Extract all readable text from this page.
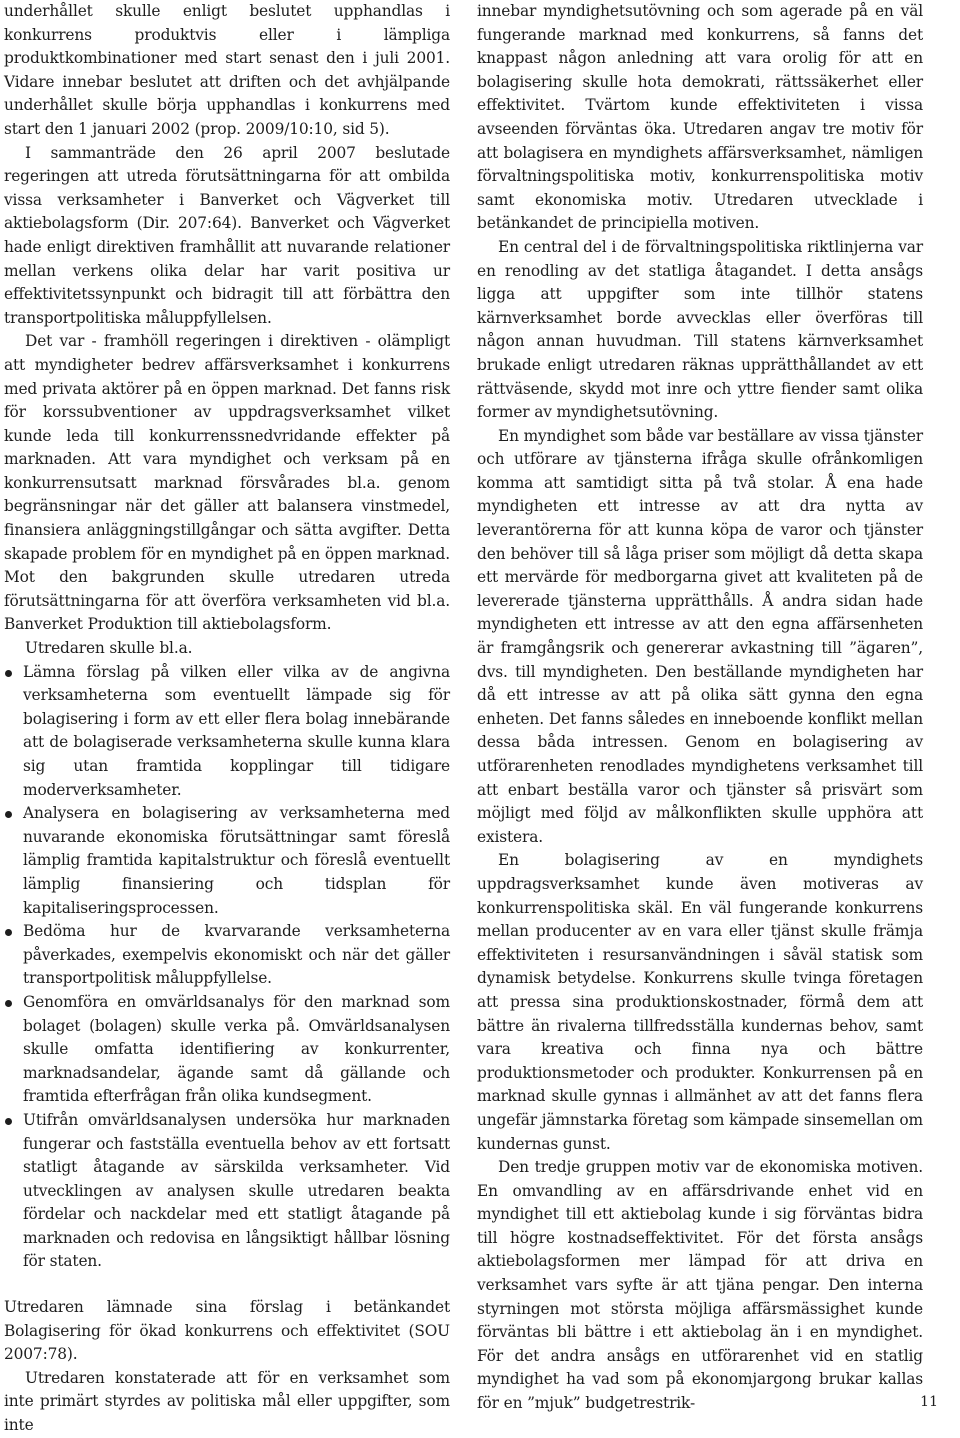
underhållet skulle enligt beslutet upphandlas i konkurrens produktvis eller i lämpliga produktkombinationer med start senast den i juli 2001. Vidare innebar beslutet att driften och det avhjälpande underhållet skulle börja upphandlas i konkurrens med start den 1 januari 2002 (prop. 2009/10:10, sid 5).

I sammanträde den 26 april 2007 beslutade regeringen att utreda förutsättningarna för att ombilda vissa verksamheter i Banverket och Vägverket till aktiebolagsform (Dir. 207:64). Banverket och Vägverket hade enligt direktiven framhållit att nuvarande relationer mellan verkens olika delar har varit positiva ur effektivitetssynpunkt och bidragit till att förbättra den transportpolitiska måluppfyllelsen.

Det var - framhöll regeringen i direktiven - olämpligt att myndigheter bedrev affärsverksamhet i konkurrens med privata aktörer på en öppen marknad. Det fanns risk för korssubventioner av uppdragsverksamhet vilket kunde leda till konkurrenssnedvridande effekter på marknaden. Att vara myndighet och verksam på en konkurrensutsatt marknad försvårades bl.a. genom begränsningar när det gäller att balansera vinstmedel, finansiera anläggningstillgångar och sätta avgifter. Detta skapade problem för en myndighet på en öppen marknad. Mot den bakgrunden skulle utredaren utreda förutsättningarna för att överföra verksamheten vid bl.a. Banverket Produktion till aktiebolagsform.

Utredaren skulle bl.a.

Lämna förslag på vilken eller vilka av de angivna verksamheterna som eventuellt lämpade sig för bolagisering i form av ett eller flera bolag innebärande att de bolagiserade verksamheterna skulle kunna klara sig utan framtida kopplingar till tidigare moderverksamheter.
Analysera en bolagisering av verksamheterna med nuvarande ekonomiska förutsättningar samt föreslå lämplig framtida kapitalstruktur och föreslå eventuellt lämplig finansiering och tidsplan för kapitaliseringsprocessen.
Bedöma hur de kvarvarande verksamheterna påverkades, exempelvis ekonomiskt och när det gäller transportpolitisk måluppfyllelse.
Genomföra en omvärldsanalys för den marknad som bolaget (bolagen) skulle verka på. Omvärldsanalysen skulle omfatta identifiering av konkurrenter, marknadsandelar, ägande samt då gällande och framtida efterfrågan från olika kundsegment.
Utifrån omvärldsanalysen undersöka hur marknaden fungerar och fastställa eventuella behov av ett fortsatt statligt åtagande av särskilda verksamheter. Vid utvecklingen av analysen skulle utredaren beakta fördelar och nackdelar med ett statligt åtagande på marknaden och redovisa en långsiktigt hållbar lösning för staten.

Utredaren lämnade sina förslag i betänkandet Bolagisering för ökad konkurrens och effektivitet (SOU 2007:78).

Utredaren konstaterade att för en verksamhet som inte primärt styrdes av politiska mål eller uppgifter, som inte

innebar myndighetsutövning och som agerade på en väl fungerande marknad med konkurrens, så fanns det knappast någon anledning att vara orolig för att en bolagisering skulle hota demokrati, rättssäkerhet eller effektivitet. Tvärtom kunde effektiviteten i vissa avseenden förväntas öka. Utredaren angav tre motiv för att bolagisera en myndighets affärsverksamhet, nämligen förvaltningspolitiska motiv, konkurrenspolitiska motiv samt ekonomiska motiv. Utredaren utvecklade i betänkandet de principiella motiven.

En central del i de förvaltningspolitiska riktlinjerna var en renodling av det statliga åtagandet. I detta ansågs ligga att uppgifter som inte tillhör statens kärnverksamhet borde avvecklas eller överföras till någon annan huvudman. Till statens kärnverksamhet brukade enligt utredaren räknas upprätthållandet av ett rättväsende, skydd mot inre och yttre fiender samt olika former av myndighetsutövning.

En myndighet som både var beställare av vissa tjänster och utförare av tjänsterna ifråga skulle ofrånkomligen komma att samtidigt sitta på två stolar. Å ena hade myndigheten ett intresse av att dra nytta av leverantörerna för att kunna köpa de varor och tjänster den behöver till så låga priser som möjligt då detta skapa ett mervärde för medborgarna givet att kvaliteten på de levererade tjänsterna upprätthålls. Å andra sidan hade myndigheten ett intresse av att den egna affärsenheten är framgångsrik och genererar avkastning till ”ägaren”, dvs. till myndigheten. Den beställande myndigheten har då ett intresse av att på olika sätt gynna den egna enheten. Det fanns således en inneboende konflikt mellan dessa båda intressen. Genom en bolagisering av utförarenheten renodlades myndighetens verksamhet till att enbart beställa varor och tjänster så prisvärt som möjligt med följd av målkonflikten skulle upphöra att existera.

En bolagisering av en myndighets uppdragsverksamhet kunde även motiveras av konkurrenspolitiska skäl. En väl fungerande konkurrens mellan producenter av en vara eller tjänst skulle främja effektiviteten i resursanvändningen i såväl statisk som dynamisk betydelse. Konkurrens skulle tvinga företagen att pressa sina produktionskostnader, förmå dem att bättre än rivalerna tillfredsställa kundernas behov, samt vara kreativa och finna nya och bättre produktionsmetoder och produkter. Konkurrensen på en marknad skulle gynnas i allmänhet av att det fanns flera ungefär jämnstarka företag som kämpade sinsemellan om kundernas gunst.

Den tredje gruppen motiv var de ekonomiska motiven. En omvandling av en affärsdrivande enhet vid en myndighet till ett aktiebolag kunde i sig förväntas bidra till högre kostnadseffektivitet. För det första ansågs aktiebolagsformen mer lämpad för att driva en verksamhet vars syfte är att tjäna pengar. Den interna styrningen mot största möjliga affärsmässighet kunde förväntas bli bättre i ett aktiebolag än i en myndighet. För det andra ansågs en utförarenhet vid en statlig myndighet ha vad som på ekonomjargong brukar kallas för en ”mjuk” budgetrestrik-	11
